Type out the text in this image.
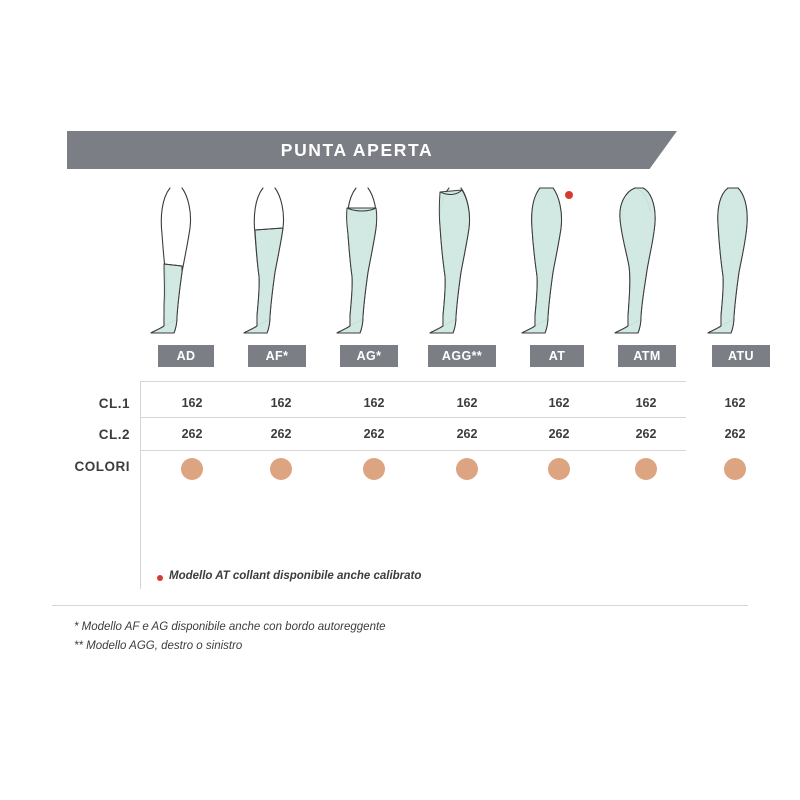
PUNTA APERTA
AD	AF*	AG*	AGG**	AT	ATM	ATU
CL.1	162	162	162	162	162	162	162
CL.2	262	262	262	262	262	262	262
COLORI
Modello AT collant disponibile anche calibrato
* Modello AF e AG disponibile anche con bordo autoreggente
** Modello AGG, destro o sinistro
